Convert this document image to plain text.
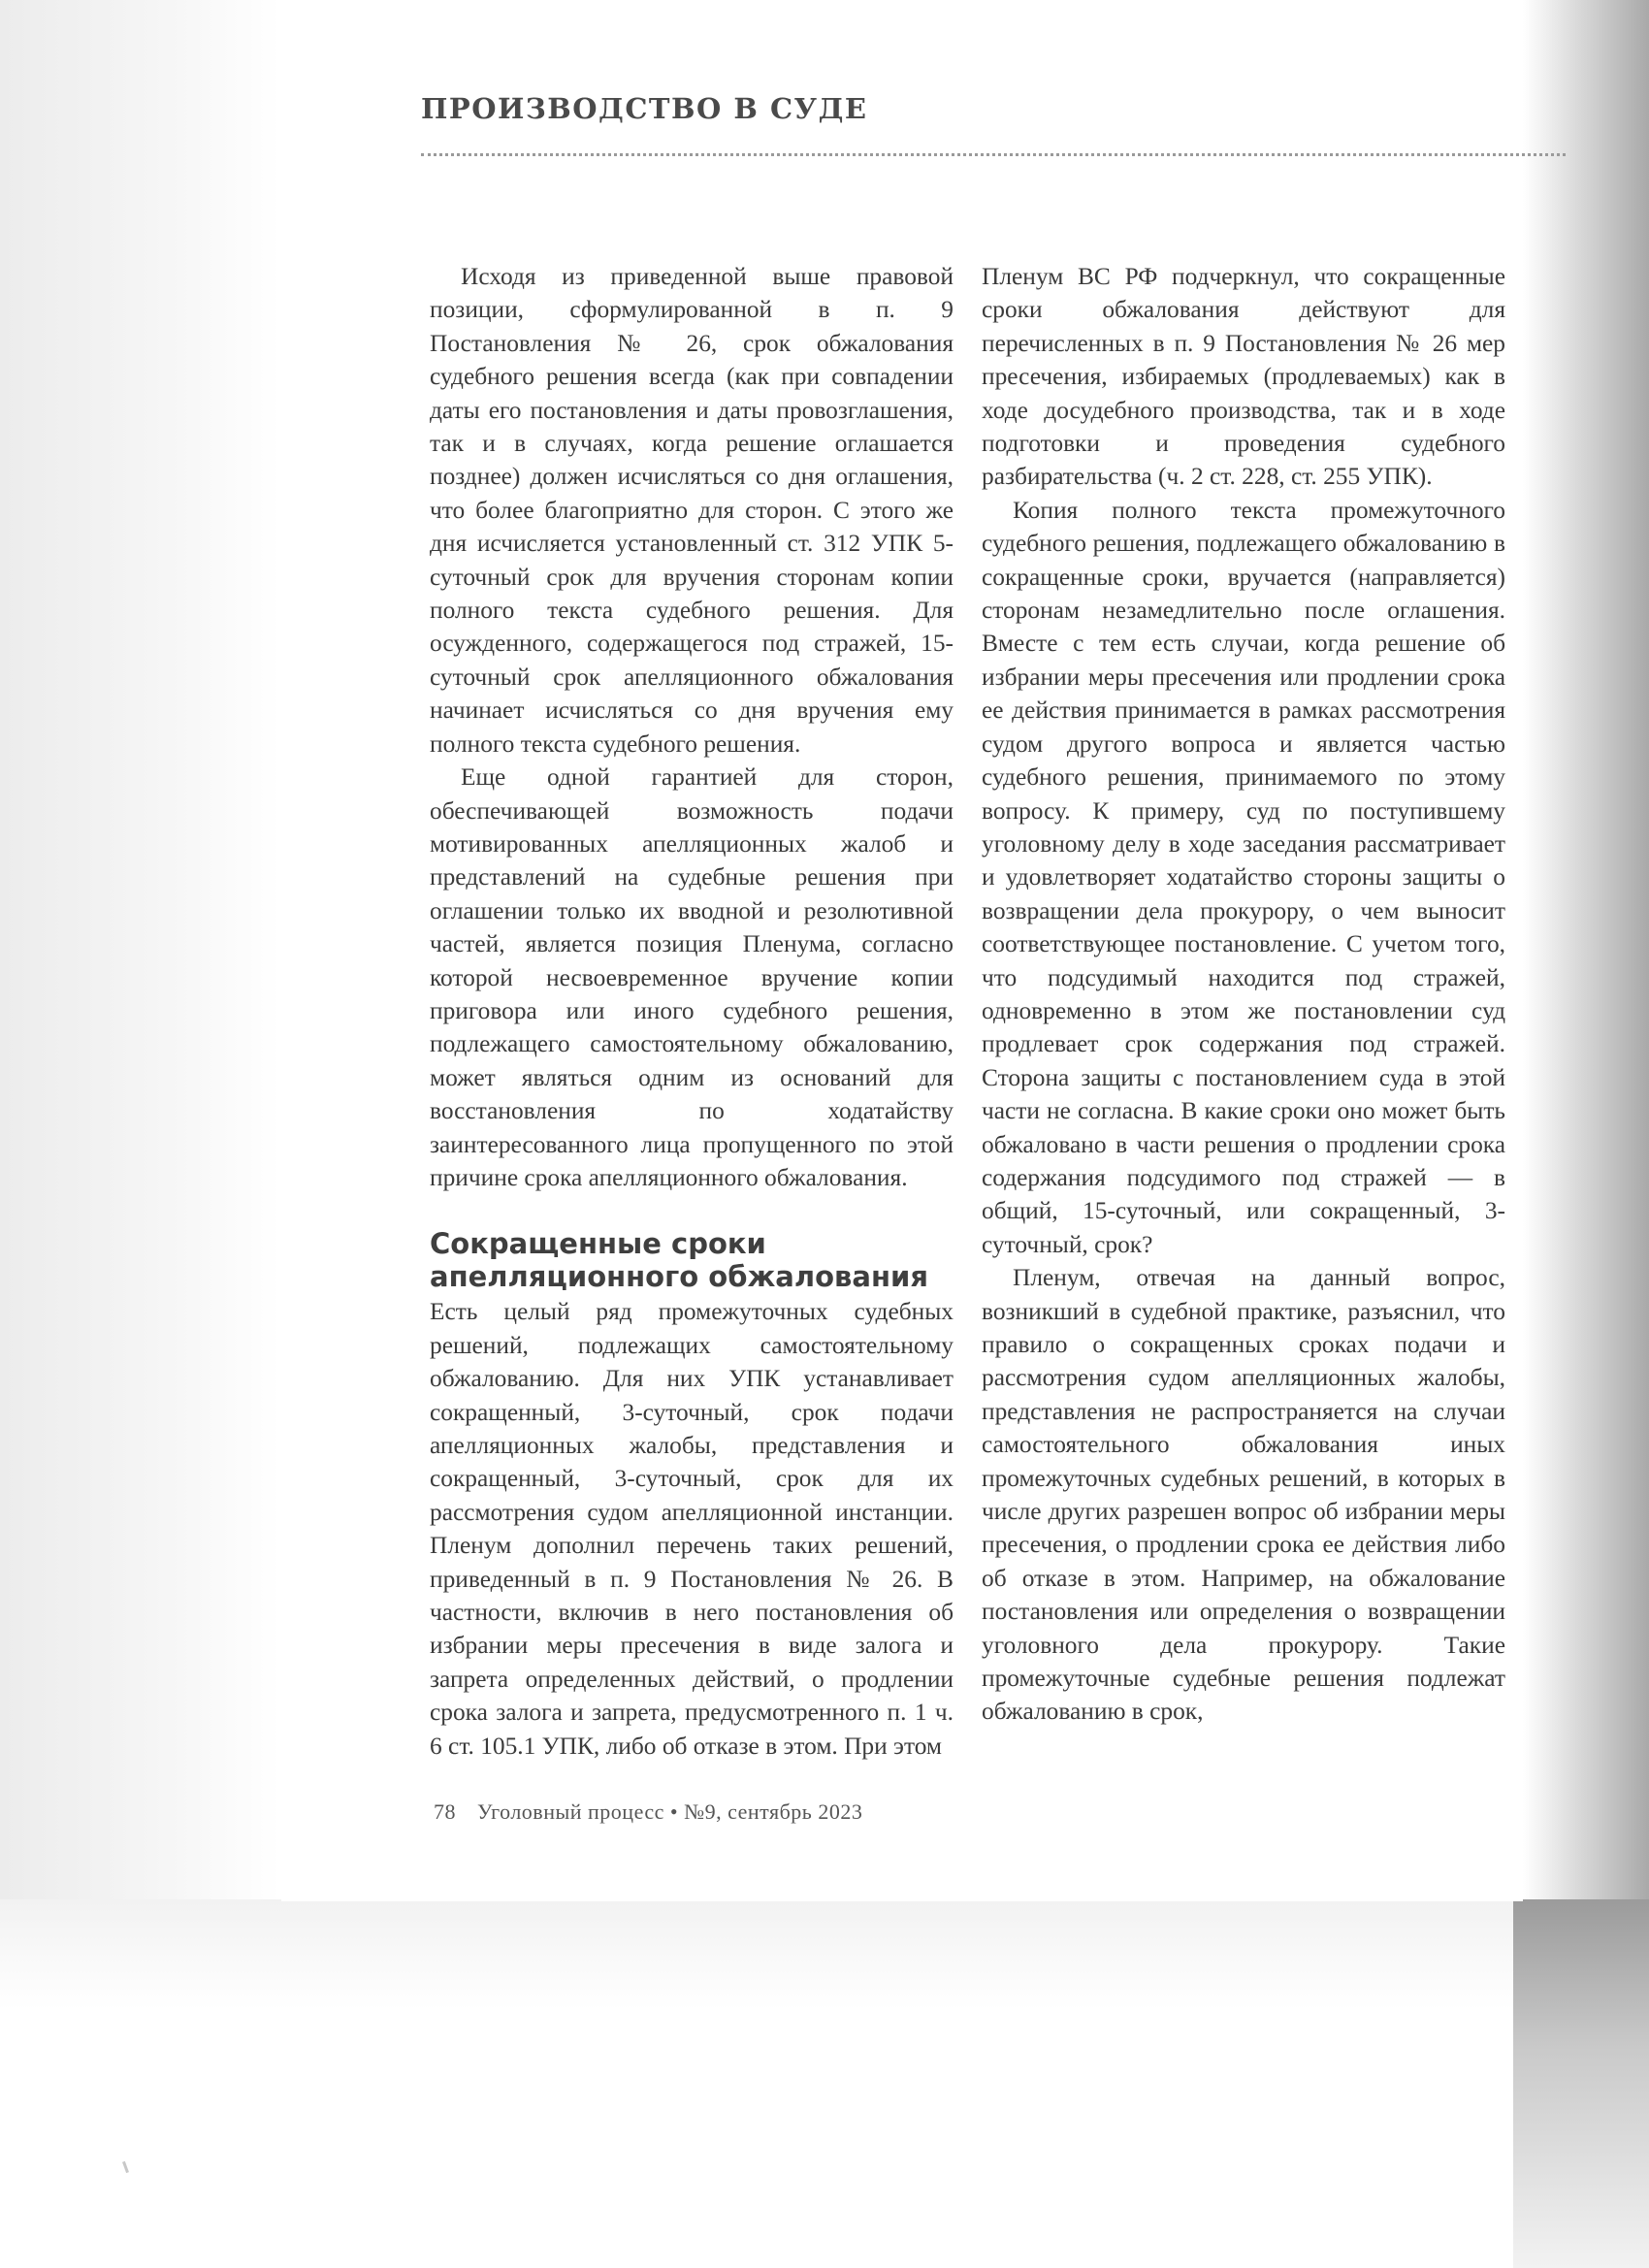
ПРОИЗВОДСТВО В СУДЕ

Исходя из приведенной выше правовой позиции, сформулированной в п. 9 Постановления № 26, срок обжалования судебного решения всегда (как при совпадении даты его постановления и даты провозглашения, так и в случаях, когда решение оглашается позднее) должен исчисляться со дня оглашения, что более благоприятно для сторон. С этого же дня исчисляется установленный ст. 312 УПК 5-суточный срок для вручения сторонам копии полного текста судебного решения. Для осужденного, содержащегося под стражей, 15-суточный срок апелляционного обжалования начинает исчисляться со дня вручения ему полного текста судебного решения.

Еще одной гарантией для сторон, обеспечивающей возможность подачи мотивированных апелляционных жалоб и представлений на судебные решения при оглашении только их вводной и резолютивной частей, является позиция Пленума, согласно которой несвоевременное вручение копии приговора или иного судебного решения, подлежащего самостоятельному обжалованию, может являться одним из оснований для восстановления по ходатайству заинтересованного лица пропущенного по этой причине срока апелляционного обжалования.

Сокращенные сроки
апелляционного обжалования

Есть целый ряд промежуточных судебных решений, подлежащих самостоятельному обжалованию. Для них УПК устанавливает сокращенный, 3-суточный, срок подачи апелляционных жалобы, представления и сокращенный, 3-суточный, срок для их рассмотрения судом апелляционной инстанции. Пленум дополнил перечень таких решений, приведенный в п. 9 Постановления № 26. В частности, включив в него постановления об избрании меры пресечения в виде залога и запрета определенных действий, о продлении срока залога и запрета, предусмотренного п. 1 ч. 6 ст. 105.1 УПК, либо об отказе в этом. При этом

Пленум ВС РФ подчеркнул, что сокращенные сроки обжалования действуют для перечисленных в п. 9 Постановления № 26 мер пресечения, избираемых (продлеваемых) как в ходе досудебного производства, так и в ходе подготовки и проведения судебного разбирательства (ч. 2 ст. 228, ст. 255 УПК).

Копия полного текста промежуточного судебного решения, подлежащего обжалованию в сокращенные сроки, вручается (направляется) сторонам незамедлительно после оглашения. Вместе с тем есть случаи, когда решение об избрании меры пресечения или продлении срока ее действия принимается в рамках рассмотрения судом другого вопроса и является частью судебного решения, принимаемого по этому вопросу. К примеру, суд по поступившему уголовному делу в ходе заседания рассматривает и удовлетворяет ходатайство стороны защиты о возвращении дела прокурору, о чем выносит соответствующее постановление. С учетом того, что подсудимый находится под стражей, одновременно в этом же постановлении суд продлевает срок содержания под стражей. Сторона защиты с постановлением суда в этой части не согласна. В какие сроки оно может быть обжаловано в части решения о продлении срока содержания подсудимого под стражей — в общий, 15-суточный, или сокращенный, 3-суточный, срок?

Пленум, отвечая на данный вопрос, возникший в судебной практике, разъяснил, что правило о сокращенных сроках подачи и рассмотрения судом апелляционных жалобы, представления не распространяется на случаи самостоятельного обжалования иных промежуточных судебных решений, в которых в числе других разрешен вопрос об избрании меры пресечения, о продлении срока ее действия либо об отказе в этом. Например, на обжалование постановления или определения о возвращении уголовного дела прокурору. Такие промежуточные судебные решения подлежат обжалованию в срок,

78 Уголовный процесс • №9, сентябрь 2023
